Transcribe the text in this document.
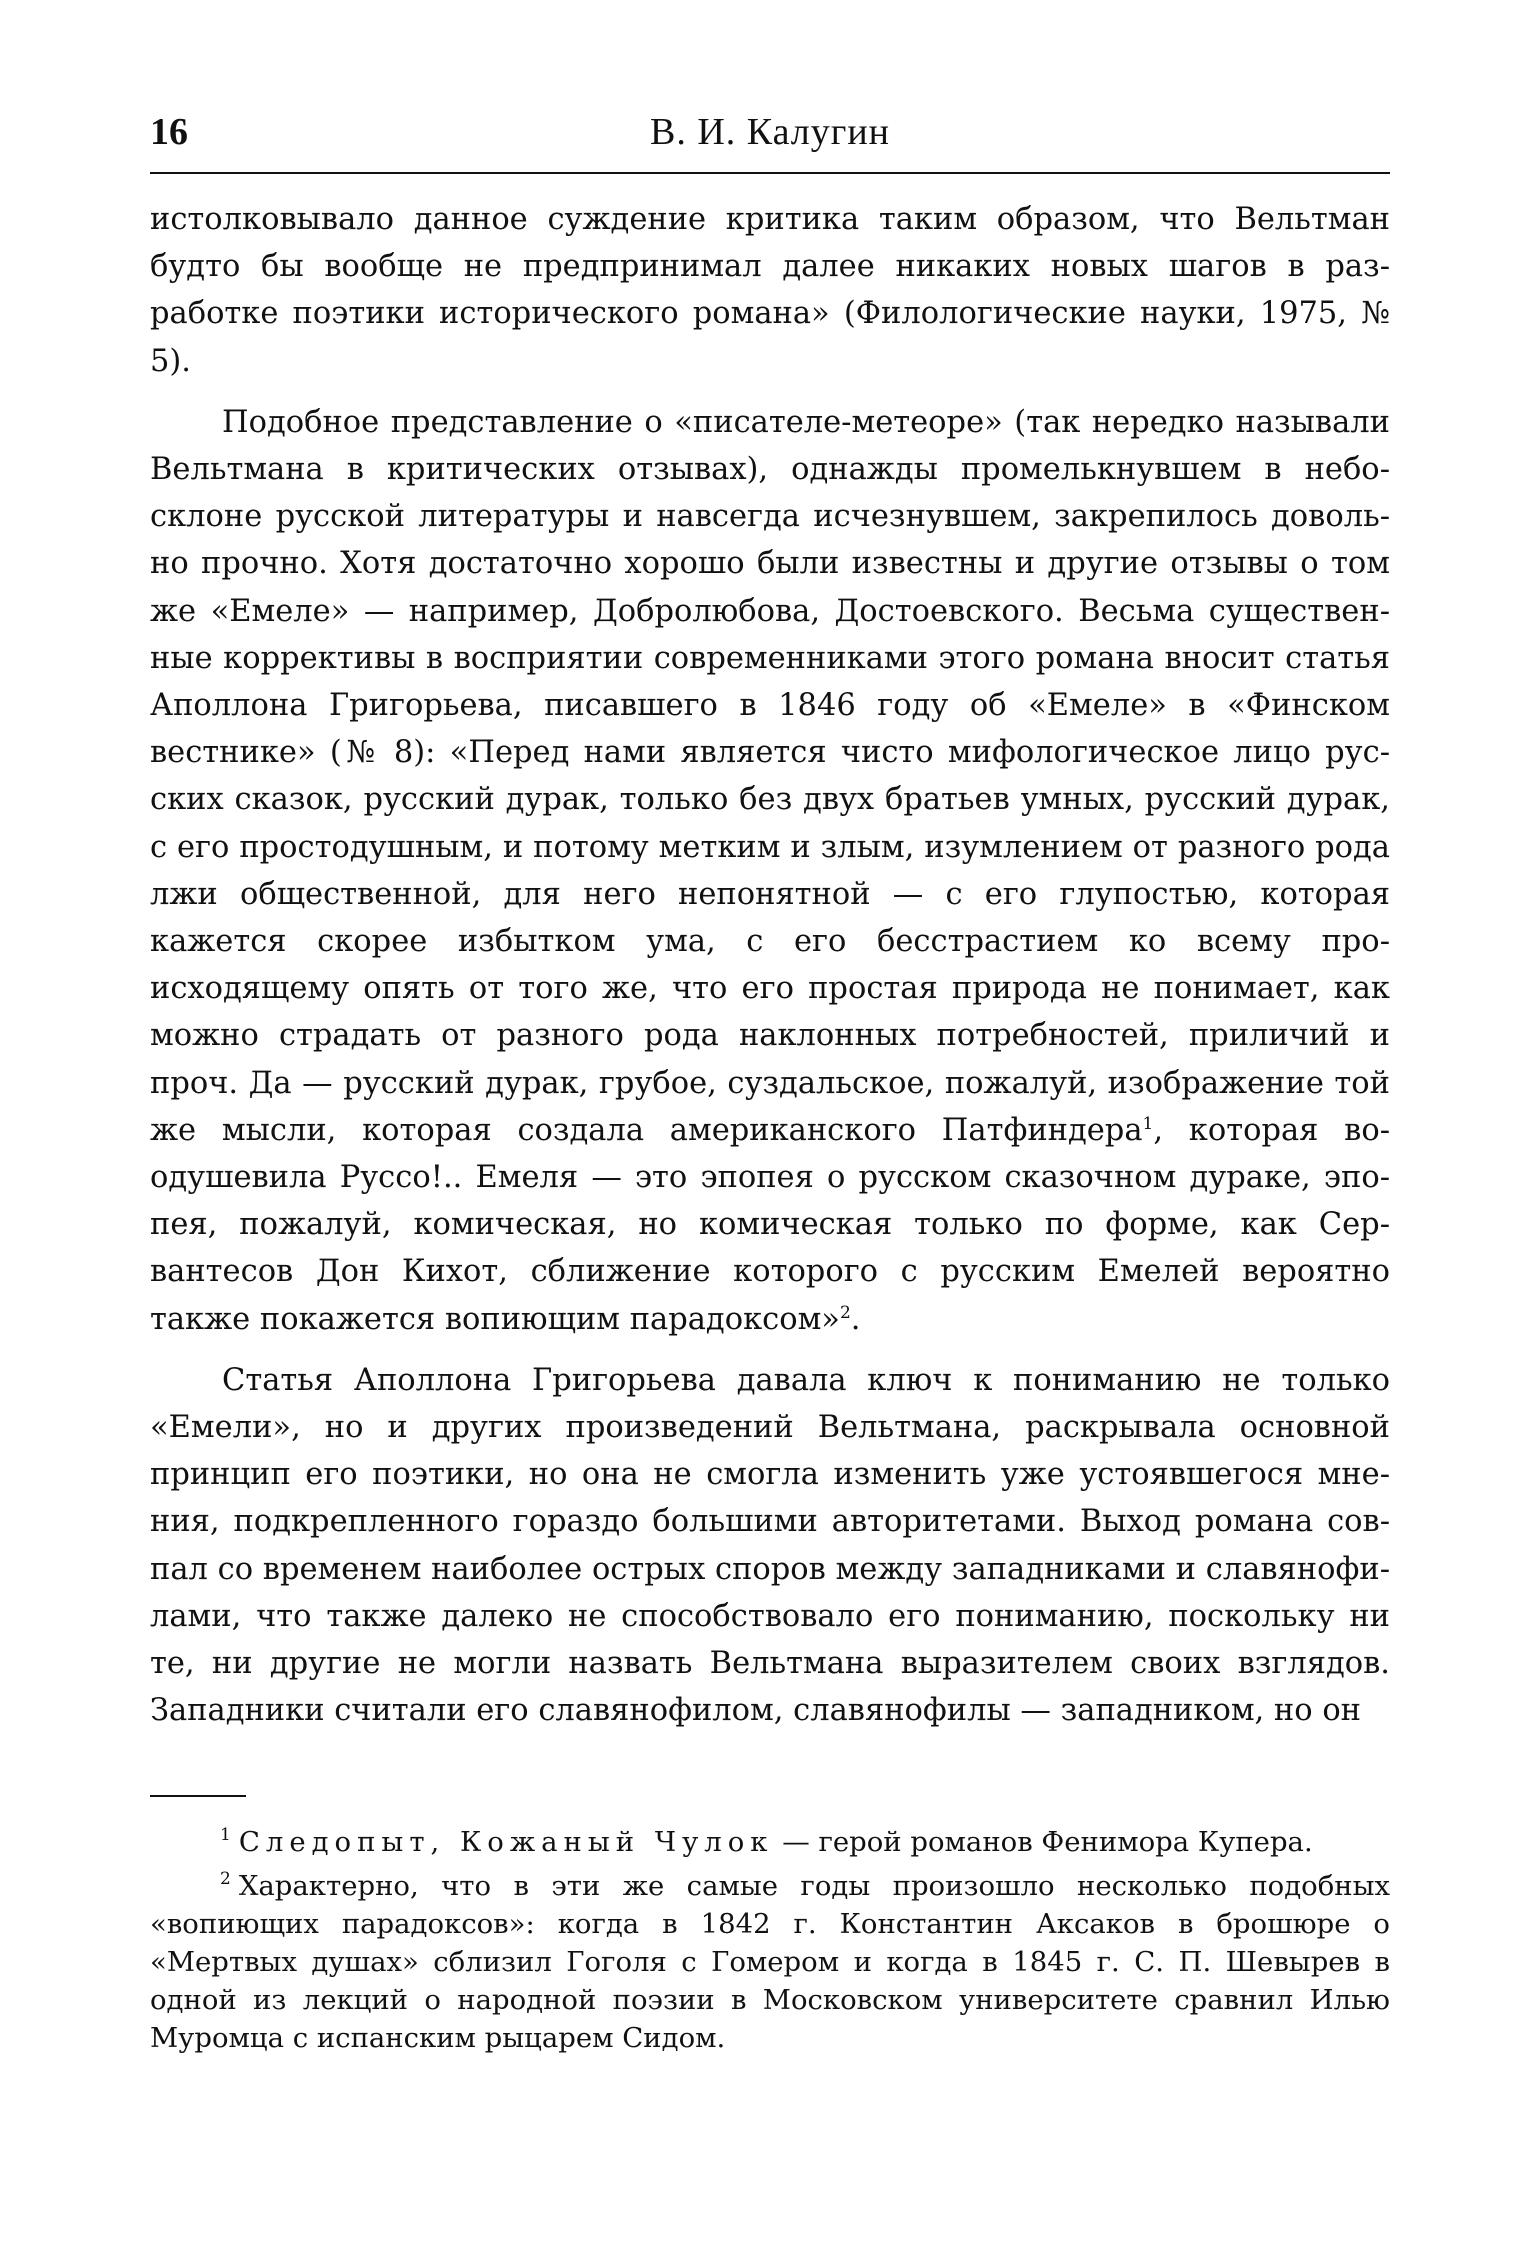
16	В. И. Калугин

истолковывало данное суждение критика таким образом, что Вельтман будто бы вообще не предпринимал далее никаких новых шагов в разработке поэтики исторического романа» (Филологические науки, 1975, № 5).

Подобное представление о «писателе-метеоре» (так нередко называли Вельтмана в критических отзывах), однажды промелькнувшем в небосклоне русской литературы и навсегда исчезнувшем, закрепилось довольно прочно. Хотя достаточно хорошо были известны и другие отзывы о том же «Емеле» — например, Добролюбова, Достоевского. Весьма существенные коррективы в восприятии современниками этого романа вносит статья Аполлона Григорьева, писавшего в 1846 году об «Емеле» в «Финском вестнике» (№ 8): «Перед нами является чисто мифологическое лицо русских сказок, русский дурак, только без двух братьев умных, русский дурак, с его простодушным, и потому метким и злым, изумлением от разного рода лжи общественной, для него непонятной — с его глупостью, которая кажется скорее избытком ума, с его бесстрастием ко всему происходящему опять от того же, что его простая природа не понимает, как можно страдать от разного рода наклонных потребностей, приличий и проч. Да — русский дурак, грубое, суздальское, пожалуй, изображение той же мысли, которая создала американского Патфиндера$^1$, которая воодушевила Руссо!.. Емеля — это эпопея о русском сказочном дураке, эпопея, пожалуй, комическая, но комическая только по форме, как Сервантесов Дон Кихот, сближение которого с русским Емелей вероятно также покажется вопиющим парадоксом»$^2$.

Статья Аполлона Григорьева давала ключ к пониманию не только «Емели», но и других произведений Вельтмана, раскрывала основной принцип его поэтики, но она не смогла изменить уже устоявшегося мнения, подкрепленного гораздо большими авторитетами. Выход романа совпал со временем наиболее острых споров между западниками и славянофилами, что также далеко не способствовало его пониманию, поскольку ни те, ни другие не могли назвать Вельтмана выразителем своих взглядов. Западники считали его славянофилом, славянофилы — западником, но он

$^1$ Следопыт, Кожаный Чулок — герой романов Фенимора Купера.

$^2$ Характерно, что в эти же самые годы произошло несколько подобных «вопиющих парадоксов»: когда в 1842 г. Константин Аксаков в брошюре о «Мертвых душах» сблизил Гоголя с Гомером и когда в 1845 г. С. П. Шевырев в одной из лекций о народной поэзии в Московском университете сравнил Илью Муромца с испанским рыцарем Сидом.
